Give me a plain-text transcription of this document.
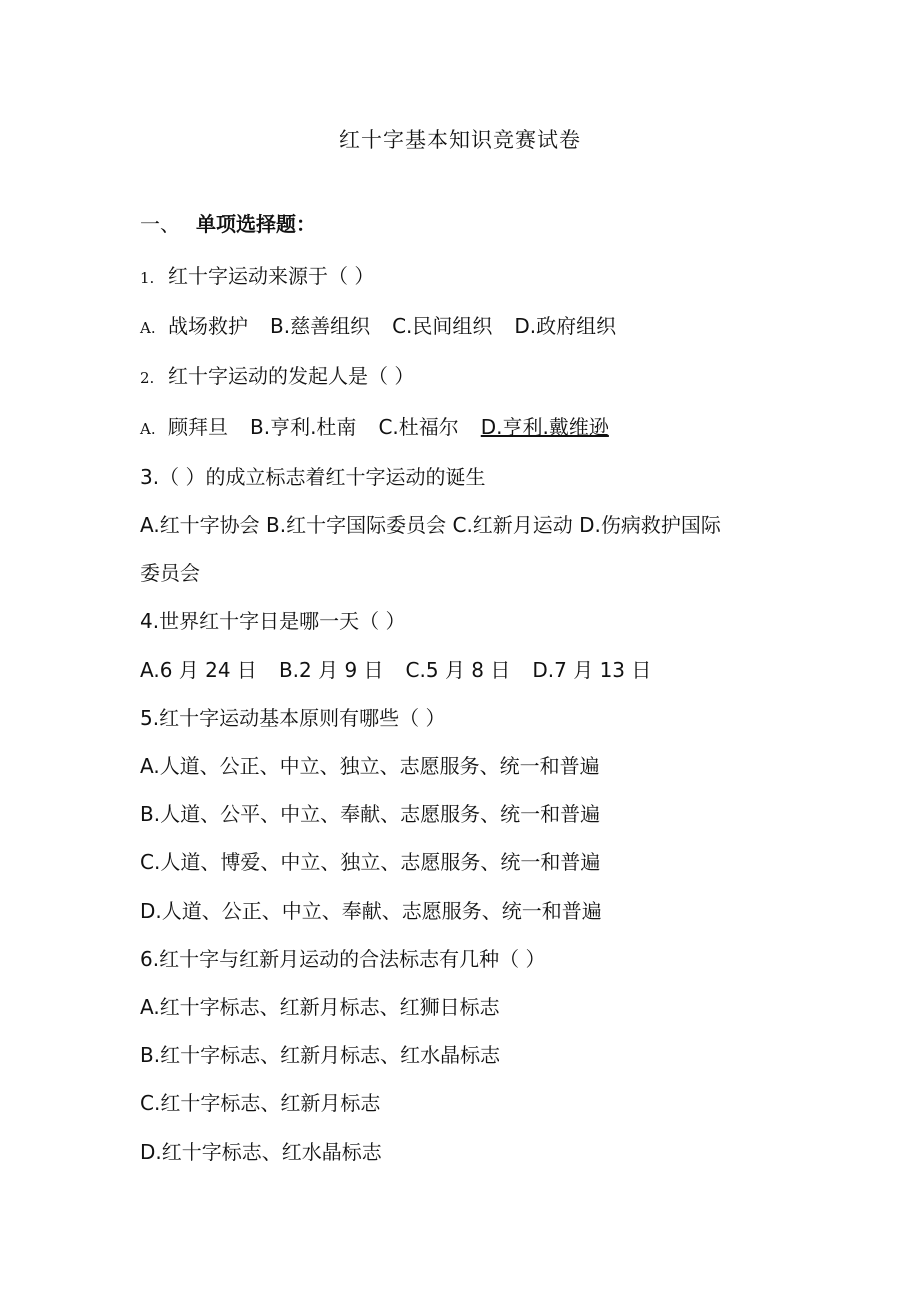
红十字基本知识竞赛试卷
一、 单项选择题：
1. 红十字运动来源于（ ）
A. 战场救护 B.慈善组织 C.民间组织 D.政府组织
2. 红十字运动的发起人是（ ）
A. 顾拜旦 B.亨利.杜南 C.杜福尔 D.亨利.戴维逊
3.（ ）的成立标志着红十字运动的诞生
A.红十字协会 B.红十字国际委员会 C.红新月运动 D.伤病救护国际
委员会
4.世界红十字日是哪一天（ ）
A.6 月 24 日 B.2 月 9 日 C.5 月 8 日 D.7 月 13 日
5.红十字运动基本原则有哪些（ ）
A.人道、公正、中立、独立、志愿服务、统一和普遍
B.人道、公平、中立、奉献、志愿服务、统一和普遍
C.人道、博爱、中立、独立、志愿服务、统一和普遍
D.人道、公正、中立、奉献、志愿服务、统一和普遍
6.红十字与红新月运动的合法标志有几种（ ）
A.红十字标志、红新月标志、红狮日标志
B.红十字标志、红新月标志、红水晶标志
C.红十字标志、红新月标志
D.红十字标志、红水晶标志
